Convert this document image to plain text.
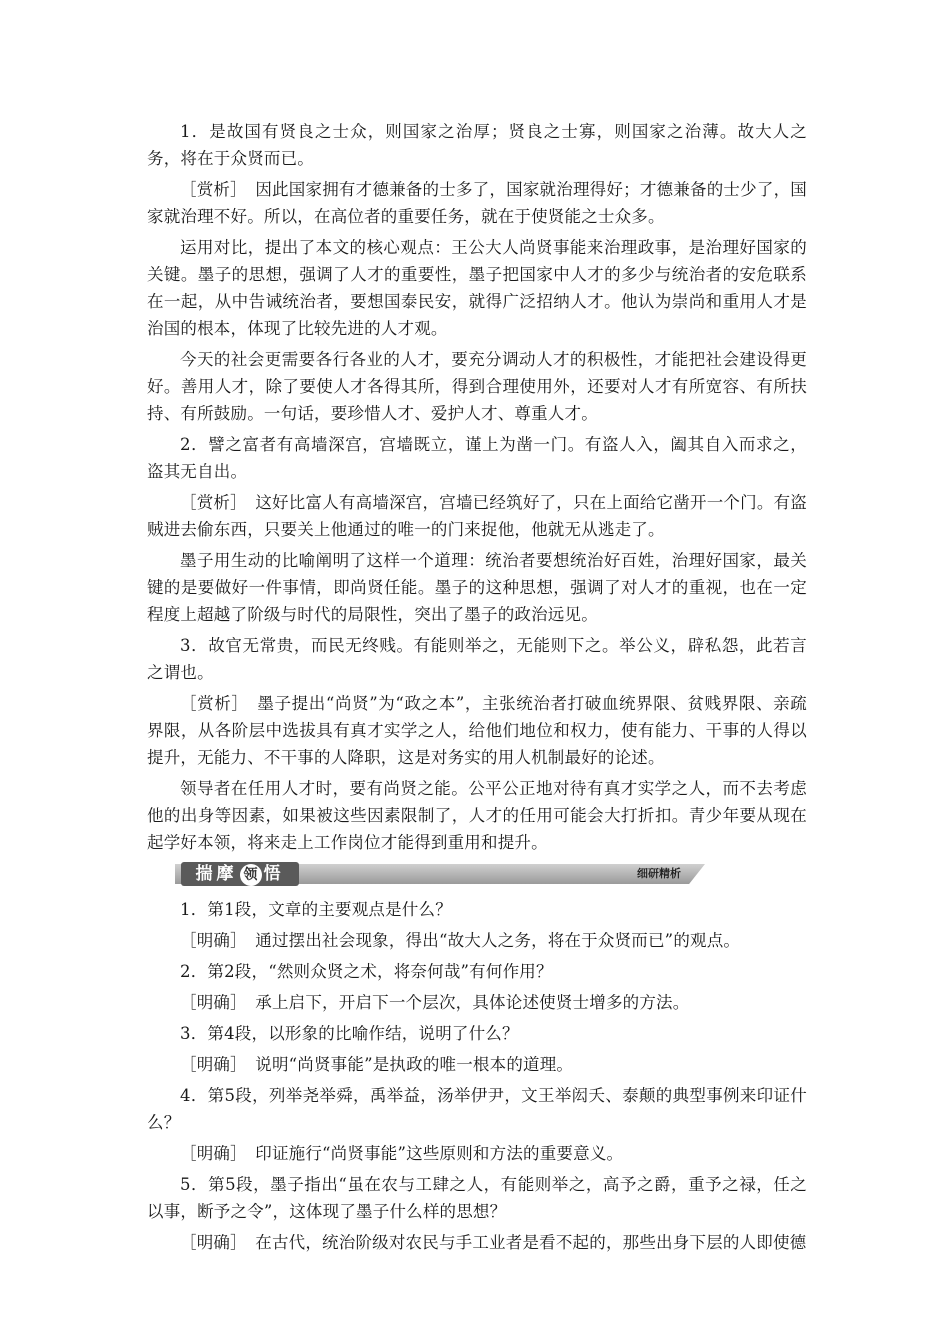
1．是故国有贤良之士众，则国家之治厚；贤良之士寡，则国家之治薄。故大人之务，将在于众贤而已。

［赏析］　因此国家拥有才德兼备的士多了，国家就治理得好；才德兼备的士少了，国家就治理不好。所以，在高位者的重要任务，就在于使贤能之士众多。

运用对比，提出了本文的核心观点：王公大人尚贤事能来治理政事，是治理好国家的关键。墨子的思想，强调了人才的重要性，墨子把国家中人才的多少与统治者的安危联系在一起，从中告诫统治者，要想国泰民安，就得广泛招纳人才。他认为崇尚和重用人才是治国的根本，体现了比较先进的人才观。

今天的社会更需要各行各业的人才，要充分调动人才的积极性，才能把社会建设得更好。善用人才，除了要使人才各得其所，得到合理使用外，还要对人才有所宽容、有所扶持、有所鼓励。一句话，要珍惜人才、爱护人才、尊重人才。

2．譬之富者有高墙深宫，宫墙既立，谨上为凿一门。有盗人入，阖其自入而求之，盗其无自出。

［赏析］　这好比富人有高墙深宫，宫墙已经筑好了，只在上面给它凿开一个门。有盗贼进去偷东西，只要关上他通过的唯一的门来捉他，他就无从逃走了。

墨子用生动的比喻阐明了这样一个道理：统治者要想统治好百姓，治理好国家，最关键的是要做好一件事情，即尚贤任能。墨子的这种思想，强调了对人才的重视，也在一定程度上超越了阶级与时代的局限性，突出了墨子的政治远见。

3．故官无常贵，而民无终贱。有能则举之，无能则下之。举公义，辟私怨，此若言之谓也。

［赏析］　墨子提出“尚贤”为“政之本”，主张统治者打破血统界限、贫贱界限、亲疏界限，从各阶层中选拔具有真才实学之人，给他们地位和权力，使有能力、干事的人得以提升，无能力、不干事的人降职，这是对务实的用人机制最好的论述。

领导者在任用人才时，要有尚贤之能。公平公正地对待有真才实学之人，而不去考虑他的出身等因素，如果被这些因素限制了，人才的任用可能会大打折扣。青少年要从现在起学好本领，将来走上工作岗位才能得到重用和提升。

揣摩 领 悟	细研精析

1．第1段，文章的主要观点是什么？

［明确］　通过摆出社会现象，得出“故大人之务，将在于众贤而已”的观点。

2．第2段，“然则众贤之术，将奈何哉”有何作用？

［明确］　承上启下，开启下一个层次，具体论述使贤士增多的方法。

3．第4段，以形象的比喻作结，说明了什么？

［明确］　说明“尚贤事能”是执政的唯一根本的道理。

4．第5段，列举尧举舜，禹举益，汤举伊尹，文王举闳夭、泰颠的典型事例来印证什么？

［明确］　印证施行“尚贤事能”这些原则和方法的重要意义。

5．第5段，墨子指出“虽在农与工肆之人，有能则举之，高予之爵，重予之禄，任之以事，断予之令”，这体现了墨子什么样的思想？

［明确］　在古代，统治阶级对农民与手工业者是看不起的，那些出身下层的人即使德
